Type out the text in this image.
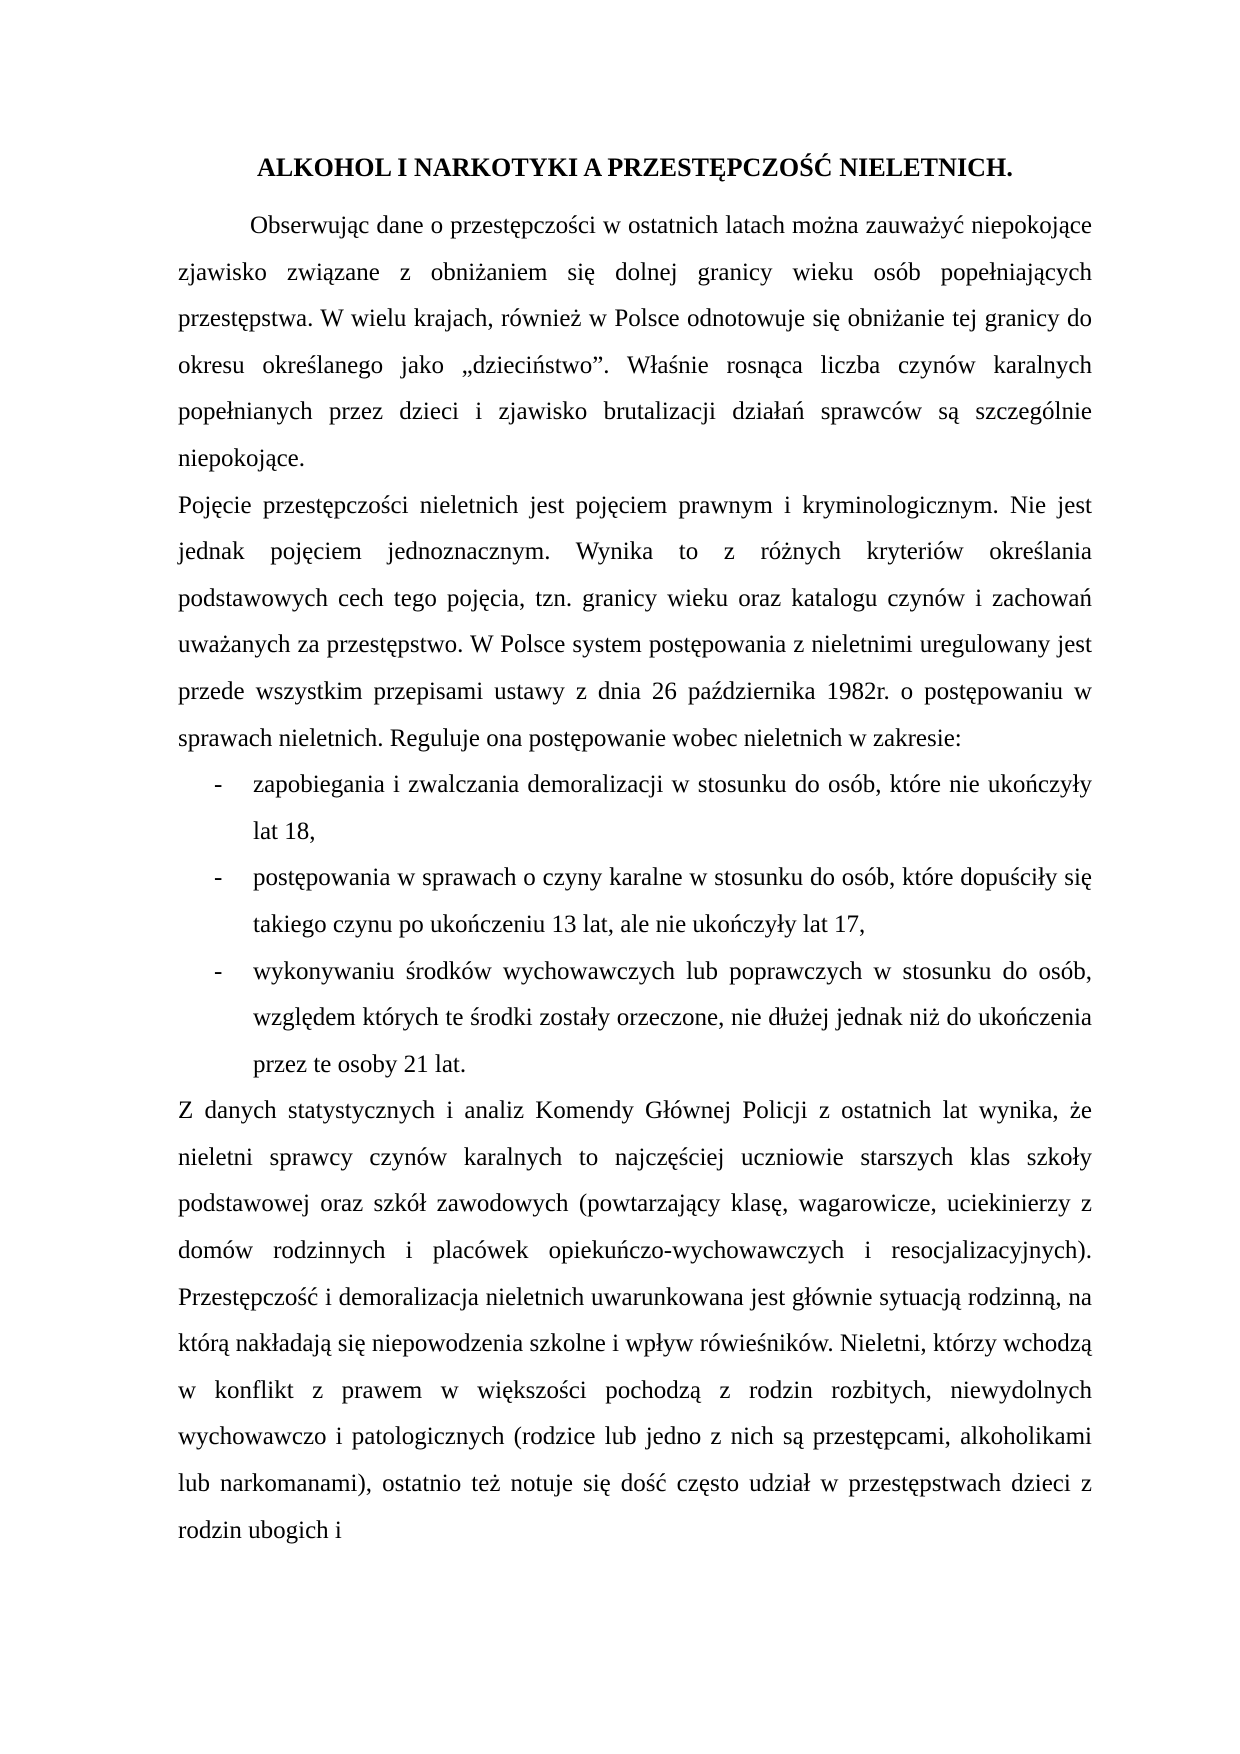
ALKOHOL I NARKOTYKI A PRZESTĘPCZOŚĆ NIELETNICH.

Obserwując dane o przestępczości w ostatnich latach można zauważyć niepokojące zjawisko związane z obniżaniem się dolnej granicy wieku osób popełniających przestępstwa. W wielu krajach, również w Polsce odnotowuje się obniżanie tej granicy do okresu określanego jako „dzieciństwo”. Właśnie rosnąca liczba czynów karalnych popełnianych przez dzieci i zjawisko brutalizacji działań sprawców są szczególnie niepokojące.

Pojęcie przestępczości nieletnich jest pojęciem prawnym i kryminologicznym. Nie jest jednak pojęciem jednoznacznym. Wynika to z różnych kryteriów określania podstawowych cech tego pojęcia, tzn. granicy wieku oraz katalogu czynów i zachowań uważanych za przestępstwo. W Polsce system postępowania z nieletnimi uregulowany jest przede wszystkim przepisami ustawy z dnia 26 października 1982r. o postępowaniu w sprawach nieletnich. Reguluje ona postępowanie wobec nieletnich w zakresie:

- zapobiegania i zwalczania demoralizacji w stosunku do osób, które nie ukończyły lat 18,
- postępowania w sprawach o czyny karalne w stosunku do osób, które dopuściły się takiego czynu po ukończeniu 13 lat, ale nie ukończyły lat 17,
- wykonywaniu środków wychowawczych lub poprawczych w stosunku do osób, względem których te środki zostały orzeczone, nie dłużej jednak niż do ukończenia przez te osoby 21 lat.

Z danych statystycznych i analiz Komendy Głównej Policji z ostatnich lat wynika, że nieletni sprawcy czynów karalnych to najczęściej uczniowie starszych klas szkoły podstawowej oraz szkół zawodowych (powtarzający klasę, wagarowicze, uciekinierzy z domów rodzinnych i placówek opiekuńczo-wychowawczych i resocjalizacyjnych). Przestępczość i demoralizacja nieletnich uwarunkowana jest głównie sytuacją rodzinną, na którą nakładają się niepowodzenia szkolne i wpływ rówieśników. Nieletni, którzy wchodzą w konflikt z prawem w większości pochodzą z rodzin rozbitych, niewydolnych wychowawczo i patologicznych (rodzice lub jedno z nich są przestępcami, alkoholikami lub narkomanami), ostatnio też notuje się dość często udział w przestępstwach dzieci z rodzin ubogich i
